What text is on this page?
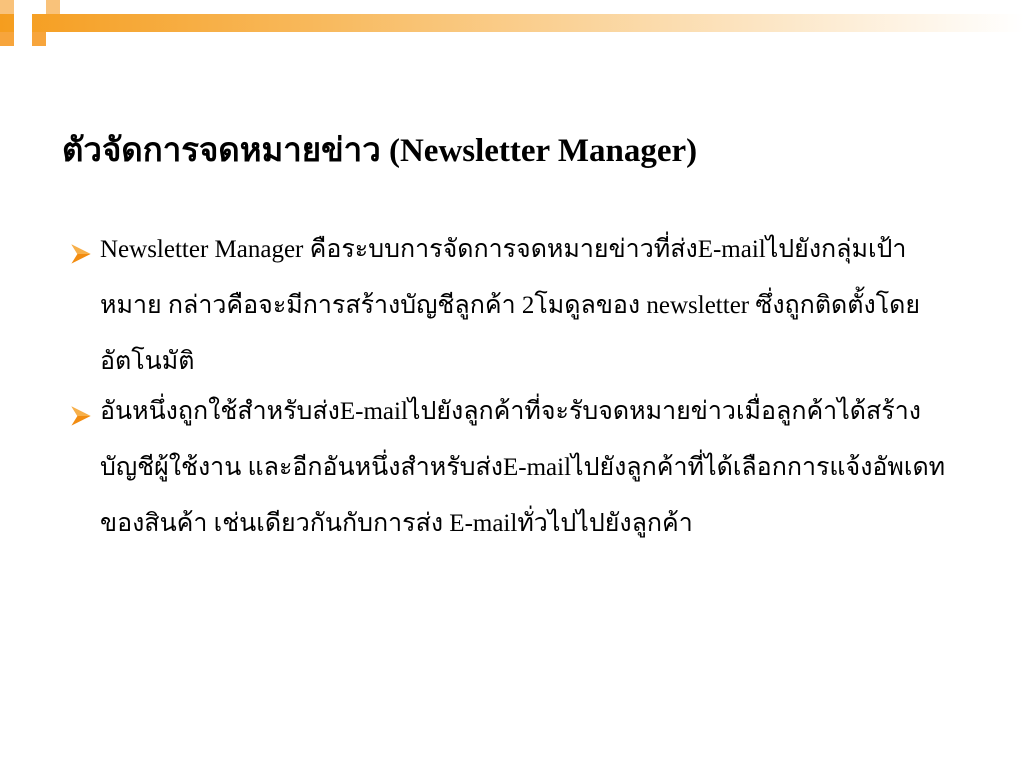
ตัวจัดการจดหมายข่าว (Newsletter Manager)
Newsletter Manager คือระบบการจัดการจดหมายข่าวที่ส่งE-mailไปยังกลุ่มเป้าหมาย กล่าวคือจะมีการสร้างบัญชีลูกค้า 2โมดูลของ newsletter ซึ่งถูกติดตั้งโดยอัตโนมัติ
อันหนึ่งถูกใช้สำหรับส่งE-mailไปยังลูกค้าที่จะรับจดหมายข่าวเมื่อลูกค้าได้สร้างบัญชีผู้ใช้งาน และอีกอันหนึ่งสำหรับส่งE-mailไปยังลูกค้าที่ได้เลือกการแจ้งอัพเดทของสินค้า เช่นเดียวกันกับการส่ง E-mailทั่วไปไปยังลูกค้า
